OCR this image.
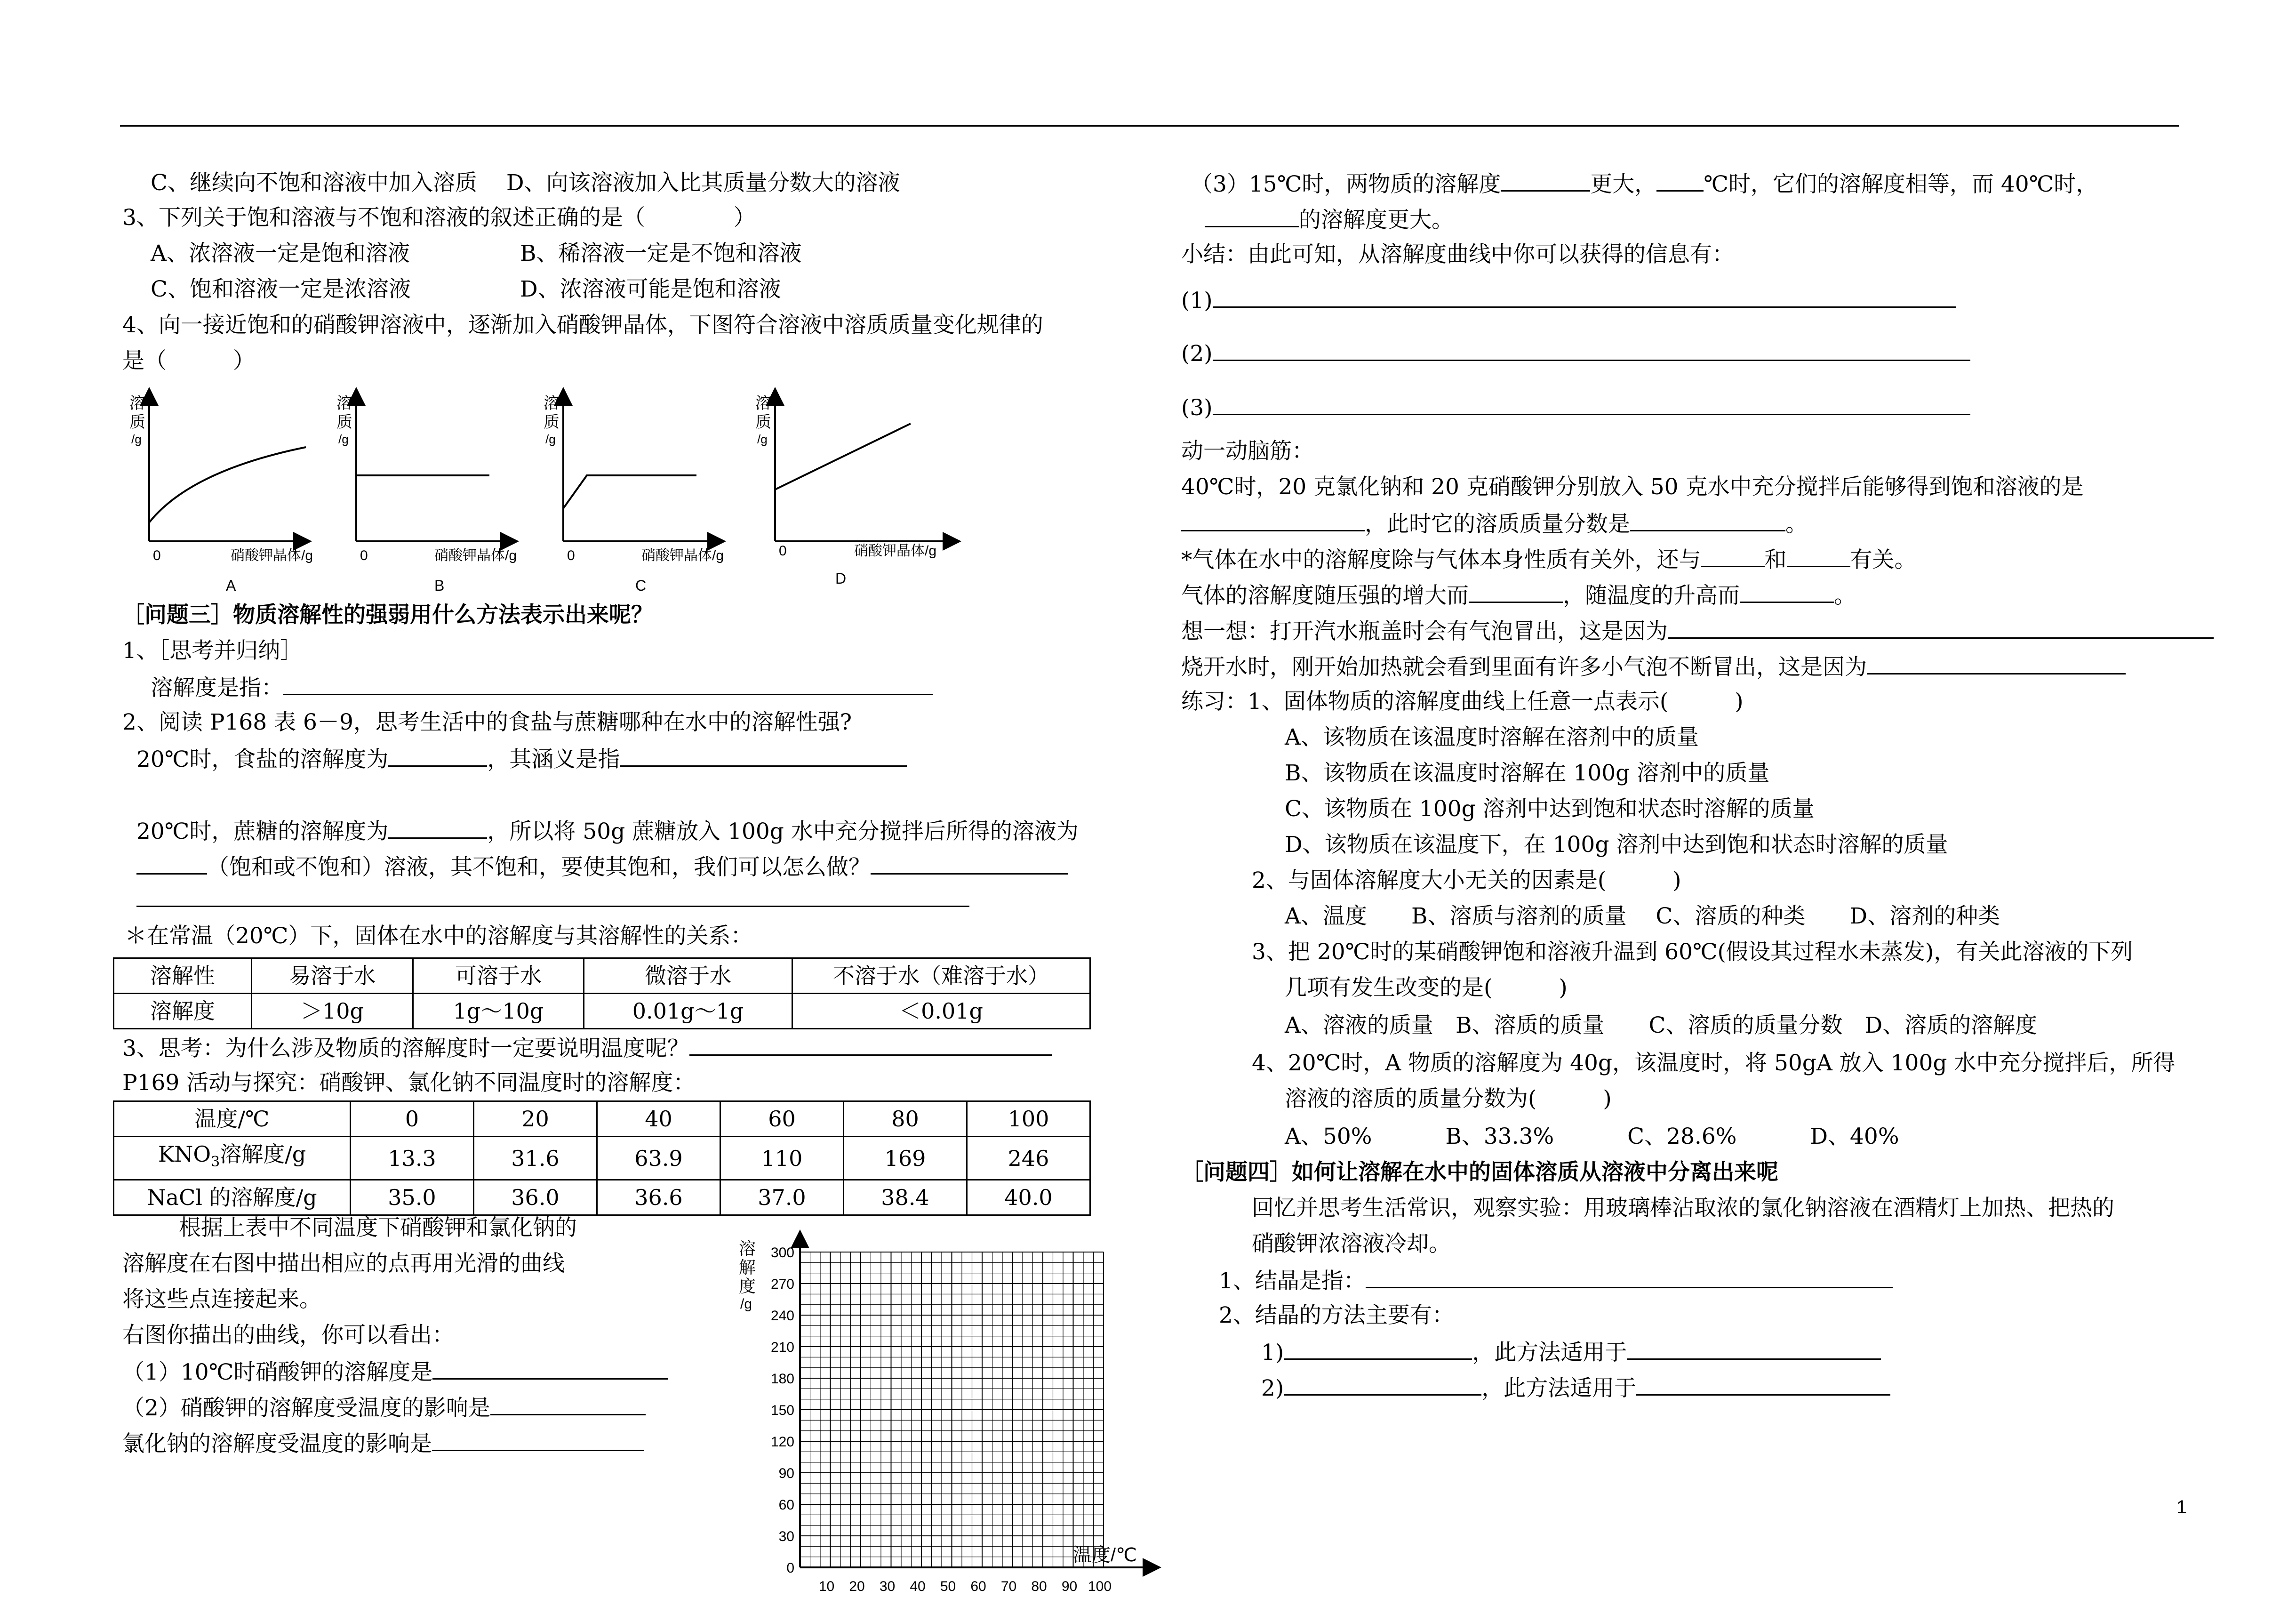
C、继续向不饱和溶液中加入溶质　 D、向该溶液加入比其质量分数大的溶液
3、下列关于饱和溶液与不饱和溶液的叙述正确的是（　　　　）
A、浓溶液一定是饱和溶液	B、稀溶液一定是不饱和溶液
C、饱和溶液一定是浓溶液	D、浓溶液可能是饱和溶液
4、向一接近饱和的硝酸钾溶液中，逐渐加入硝酸钾晶体，下图符合溶液中溶质质量变化规律的
是（　　　）
溶
质
/g
0	硝酸钾晶体/g
A
溶
质
/g
0	硝酸钾晶体/g
B
溶
质
/g
0	硝酸钾晶体/g
C
溶
质
/g
0	硝酸钾晶体/g
D
［问题三］物质溶解性的强弱用什么方法表示出来呢？
1、［思考并归纳］
溶解度是指：
2、阅读 P168 表 6－9，思考生活中的食盐与蔗糖哪种在水中的溶解性强?
20℃时，食盐的溶解度为	，其涵义是指
20℃时，蔗糖的溶解度为	，所以将 50g 蔗糖放入 100g 水中充分搅拌后所得的溶液为
（饱和或不饱和）溶液，其不饱和，要使其饱和，我们可以怎么做？
＊在常温（20℃）下，固体在水中的溶解度与其溶解性的关系：
溶解性	易溶于水	可溶于水	微溶于水	不溶于水（难溶于水）
溶解度	＞10g	1g～10g	0.01g～1g	＜0.01g
3、思考：为什么涉及物质的溶解度时一定要说明温度呢？
P169 活动与探究：硝酸钾、氯化钠不同温度时的溶解度：
温度/℃	0	20	40	60	80	100
$KNO_3$溶解度/g	13.3	31.6	63.9	110	169	246
NaCl 的溶解度/g	35.0	36.0	36.6	37.0	38.4	40.0
根据上表中不同温度下硝酸钾和氯化钠的
溶解度在右图中描出相应的点再用光滑的曲线
将这些点连接起来。
右图你描出的曲线，你可以看出：
（1）10℃时硝酸钾的溶解度是
（2）硝酸钾的溶解度受温度的影响是
氯化钠的溶解度受温度的影响是
300
270
240
210
180
150
120
90
60
30
0
10 20 30 40 50 60 70 80 90 100
溶
解
度
/g
温度/℃
（3）15℃时，两物质的溶解度	更大， ℃时，它们的溶解度相等，而 40℃时，
的溶解度更大。
小结：由此可知，从溶解度曲线中你可以获得的信息有：
(1)
(2)
(3)
动一动脑筋：
40℃时，20 克氯化钠和 20 克硝酸钾分别放入 50 克水中充分搅拌后能够得到饱和溶液的是
，此时它的溶质质量分数是	。
*气体在水中的溶解度除与气体本身性质有关外，还与	和	有关。
气体的溶解度随压强的增大而	，随温度的升高而	。
想一想：打开汽水瓶盖时会有气泡冒出，这是因为
烧开水时，刚开始加热就会看到里面有许多小气泡不断冒出，这是因为
练习：1、固体物质的溶解度曲线上任意一点表示(　　　)
A、该物质在该温度时溶解在溶剂中的质量
B、该物质在该温度时溶解在 100g 溶剂中的质量
C、该物质在 100g 溶剂中达到饱和状态时溶解的质量
D、该物质在该温度下，在 100g 溶剂中达到饱和状态时溶解的质量
2、与固体溶解度大小无关的因素是(　　　)
A、温度　　B、溶质与溶剂的质量　 C、溶质的种类　　D、溶剂的种类
3、把 20℃时的某硝酸钾饱和溶液升温到 60℃(假设其过程水未蒸发)，有关此溶液的下列
几项有发生改变的是(　　　)
A、溶液的质量　B、溶质的质量　　C、溶质的质量分数　D、溶质的溶解度
4、20℃时，A 物质的溶解度为 40g，该温度时，将 50gA 放入 100g 水中充分搅拌后，所得
溶液的溶质的质量分数为(　　　)
A、50%　　　 B、33.3%　　　 C、28.6%　　　 D、40%
［问题四］如何让溶解在水中的固体溶质从溶液中分离出来呢
回忆并思考生活常识，观察实验：用玻璃棒沾取浓的氯化钠溶液在酒精灯上加热、把热的
硝酸钾浓溶液冷却。
1、结晶是指：
2、结晶的方法主要有：
1)	，此方法适用于
2)	，此方法适用于
1
